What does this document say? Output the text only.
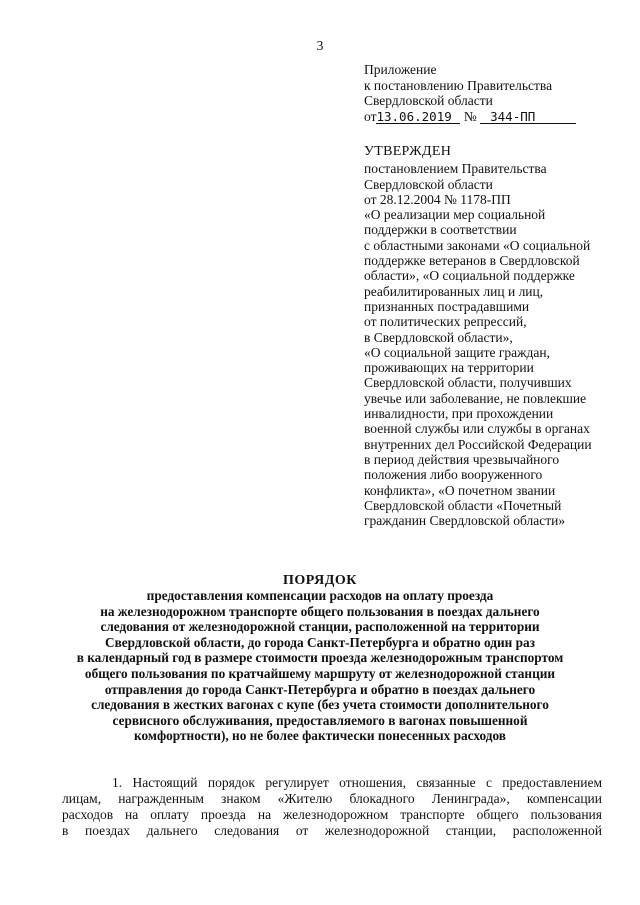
3
Приложение
к постановлению Правительства
Свердловской области
от13.06.2019 № 344-ПП
УТВЕРЖДЕН
постановлением Правительства
Свердловской области
от 28.12.2004 № 1178-ПП
«О реализации мер социальной
поддержки в соответствии
с областными законами «О социальной
поддержке ветеранов в Свердловской
области», «О социальной поддержке
реабилитированных лиц и лиц,
признанных пострадавшими
от политических репрессий,
в Свердловской области»,
«О социальной защите граждан,
проживающих на территории
Свердловской области, получивших
увечье или заболевание, не повлекшие
инвалидности, при прохождении
военной службы или службы в органах
внутренних дел Российской Федерации
в период действия чрезвычайного
положения либо вооруженного
конфликта», «О почетном звании
Свердловской области «Почетный
гражданин Свердловской области»
ПОРЯДОК
предоставления компенсации расходов на оплату проезда
на железнодорожном транспорте общего пользования в поездах дальнего
следования от железнодорожной станции, расположенной на территории
Свердловской области, до города Санкт-Петербурга и обратно один раз
в календарный год в размере стоимости проезда железнодорожным транспортом
общего пользования по кратчайшему маршруту от железнодорожной станции
отправления до города Санкт-Петербурга и обратно в поездах дальнего
следования в жестких вагонах с купе (без учета стоимости дополнительного
сервисного обслуживания, предоставляемого в вагонах повышенной
комфортности), но не более фактически понесенных расходов
1. Настоящий порядок регулирует отношения, связанные с предоставлением
лицам, награжденным знаком «Жителю блокадного Ленинграда», компенсации
расходов на оплату проезда на железнодорожном транспорте общего пользования
в поездах дальнего следования от железнодорожной станции, расположенной
